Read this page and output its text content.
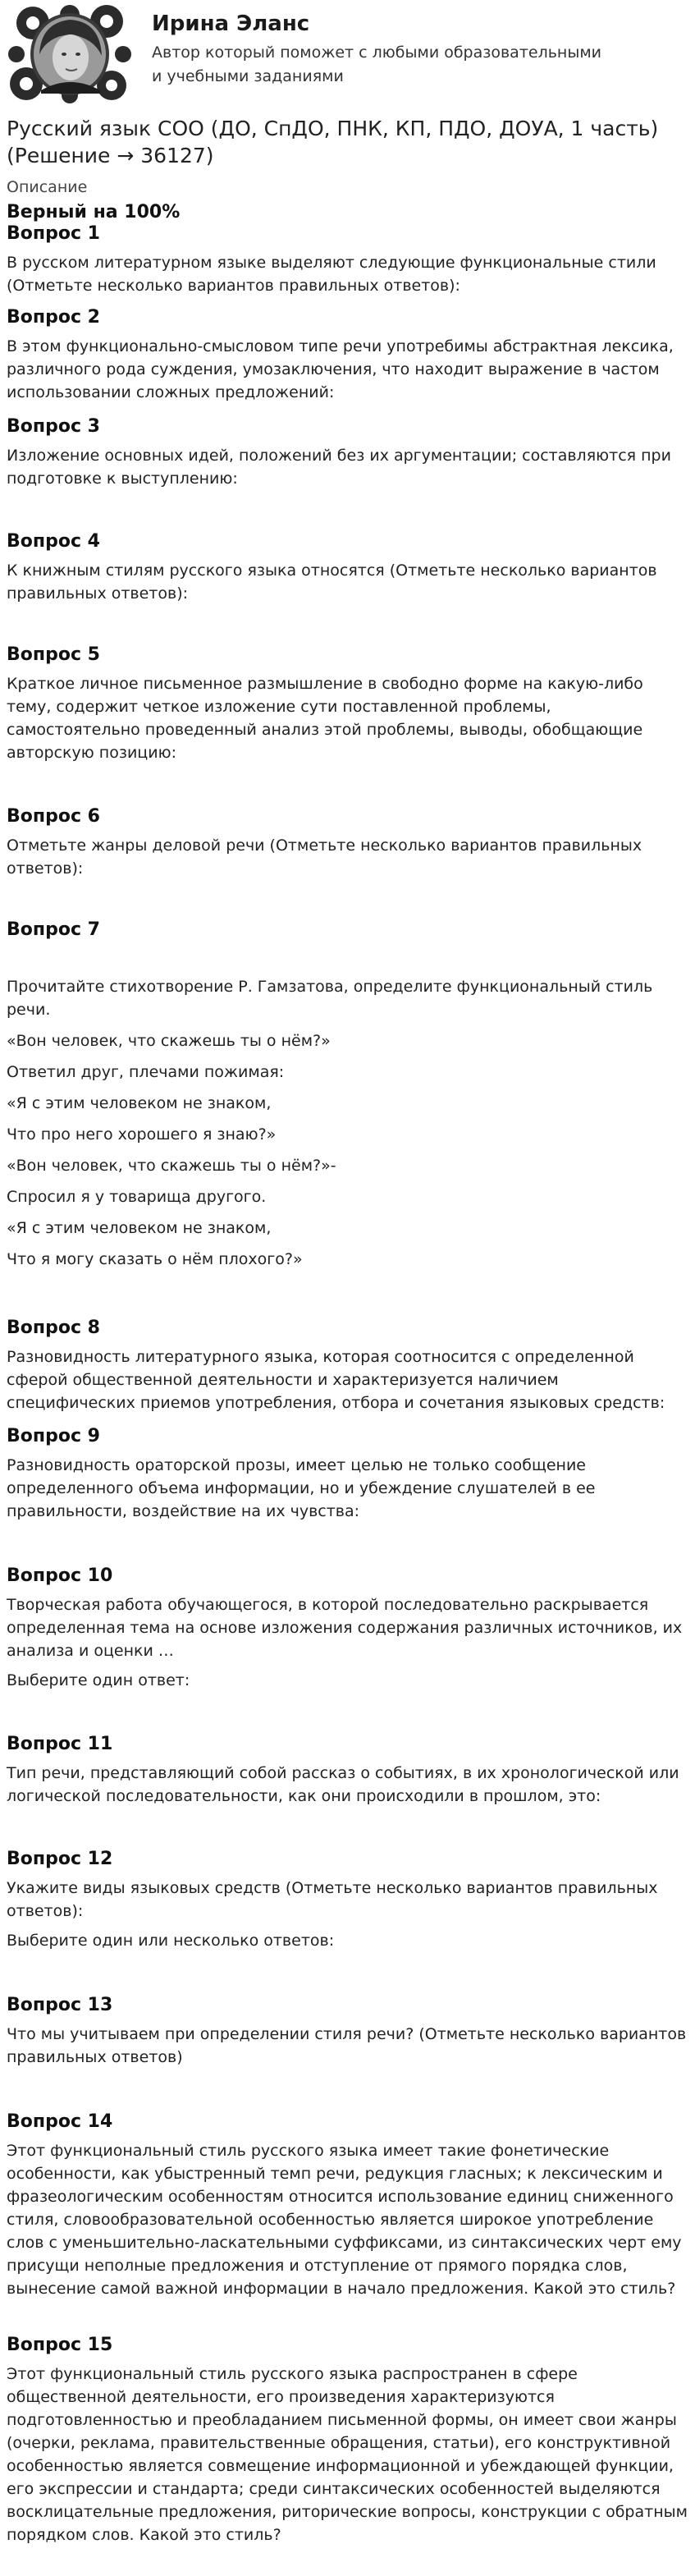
Ирина Эланс
Автор который поможет с любыми образовательными и учебными заданиями
Русский язык СОО (ДО, СпДО, ПНК, КП, ПДО, ДОУА, 1 часть) (Решение → 36127)
Описание
Верный на 100%
Вопрос 1
В русском литературном языке выделяют следующие функциональные стили (Отметьте несколько вариантов правильных ответов):
Вопрос 2
В этом функционально-смысловом типе речи употребимы абстрактная лексика, различного рода суждения, умозаключения, что находит выражение в частом использовании сложных предложений:
Вопрос 3
Изложение основных идей, положений без их аргументации; составляются при подготовке к выступлению:
Вопрос 4
К книжным стилям русского языка относятся (Отметьте несколько вариантов правильных ответов):
Вопрос 5
Краткое личное письменное размышление в свободно форме на какую-либо тему, содержит четкое изложение сути поставленной проблемы, самостоятельно проведенный анализ этой проблемы, выводы, обобщающие авторскую позицию:
Вопрос 6
Отметьте жанры деловой речи (Отметьте несколько вариантов правильных ответов):
Вопрос 7
Прочитайте стихотворение Р. Гамзатова, определите функциональный стиль речи.
«Вон человек, что скажешь ты о нём?»
Ответил друг, плечами пожимая:
«Я с этим человеком не знаком,
Что про него хорошего я знаю?»
«Вон человек, что скажешь ты о нём?»-
Спросил я у товарища другого.
«Я с этим человеком не знаком,
Что я могу сказать о нём плохого?»
Вопрос 8
Разновидность литературного языка, которая соотносится с определенной сферой общественной деятельности и характеризуется наличием специфических приемов употребления, отбора и сочетания языковых средств:
Вопрос 9
Разновидность ораторской прозы, имеет целью не только сообщение определенного объема информации, но и убеждение слушателей в ее правильности, воздействие на их чувства:
Вопрос 10
Творческая работа обучающегося, в которой последовательно раскрывается определенная тема на основе изложения содержания различных источников, их анализа и оценки …
Выберите один ответ:
Вопрос 11
Тип речи, представляющий собой рассказ о событиях, в их хронологической или логической последовательности, как они происходили в прошлом, это:
Вопрос 12
Укажите виды языковых средств (Отметьте несколько вариантов правильных ответов):
Выберите один или несколько ответов:
Вопрос 13
Что мы учитываем при определении стиля речи? (Отметьте несколько вариантов правильных ответов)
Вопрос 14
Этот функциональный стиль русского языка имеет такие фонетические особенности, как убыстренный темп речи, редукция гласных; к лексическим и фразеологическим особенностям относится использование единиц сниженного стиля, словообразовательной особенностью является широкое употребление слов с уменьшительно-ласкательными суффиксами, из синтаксических черт ему присущи неполные предложения и отступление от прямого порядка слов, вынесение самой важной информации в начало предложения. Какой это стиль?
Вопрос 15
Этот функциональный стиль русского языка распространен в сфере общественной деятельности, его произведения характеризуются подготовленностью и преобладанием письменной формы, он имеет свои жанры (очерки, реклама, правительственные обращения, статьи), его конструктивной особенностью является совмещение информационной и убеждающей функции, его экспрессии и стандарта; среди синтаксических особенностей выделяются восклицательные предложения, риторические вопросы, конструкции с обратным порядком слов. Какой это стиль?
